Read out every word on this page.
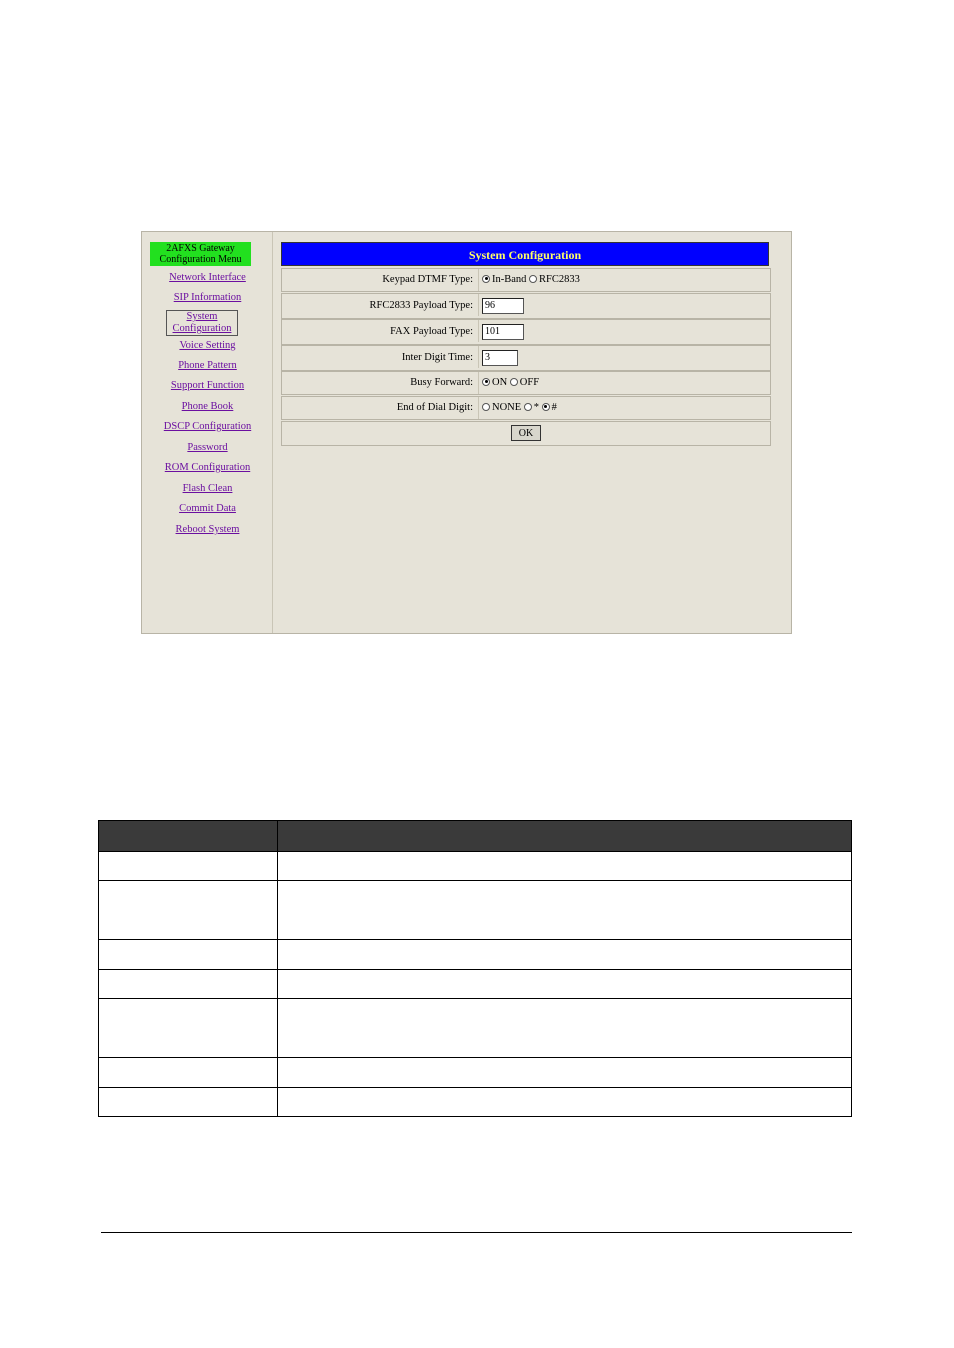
2AFXS Gateway Configuration Menu
Network Interface
SIP Information
System Configuration
Voice Setting
Phone Pattern
Support Function
Phone Book
DSCP Configuration
Password
ROM Configuration
Flash Clean
Commit Data
Reboot System
System Configuration
Keypad DTMF Type:	In-Band RFC2833
RFC2833 Payload Type:	96
FAX Payload Type:	101
Inter Digit Time:	3
Busy Forward:	ON OFF
End of Dial Digit:	NONE * #
OK
